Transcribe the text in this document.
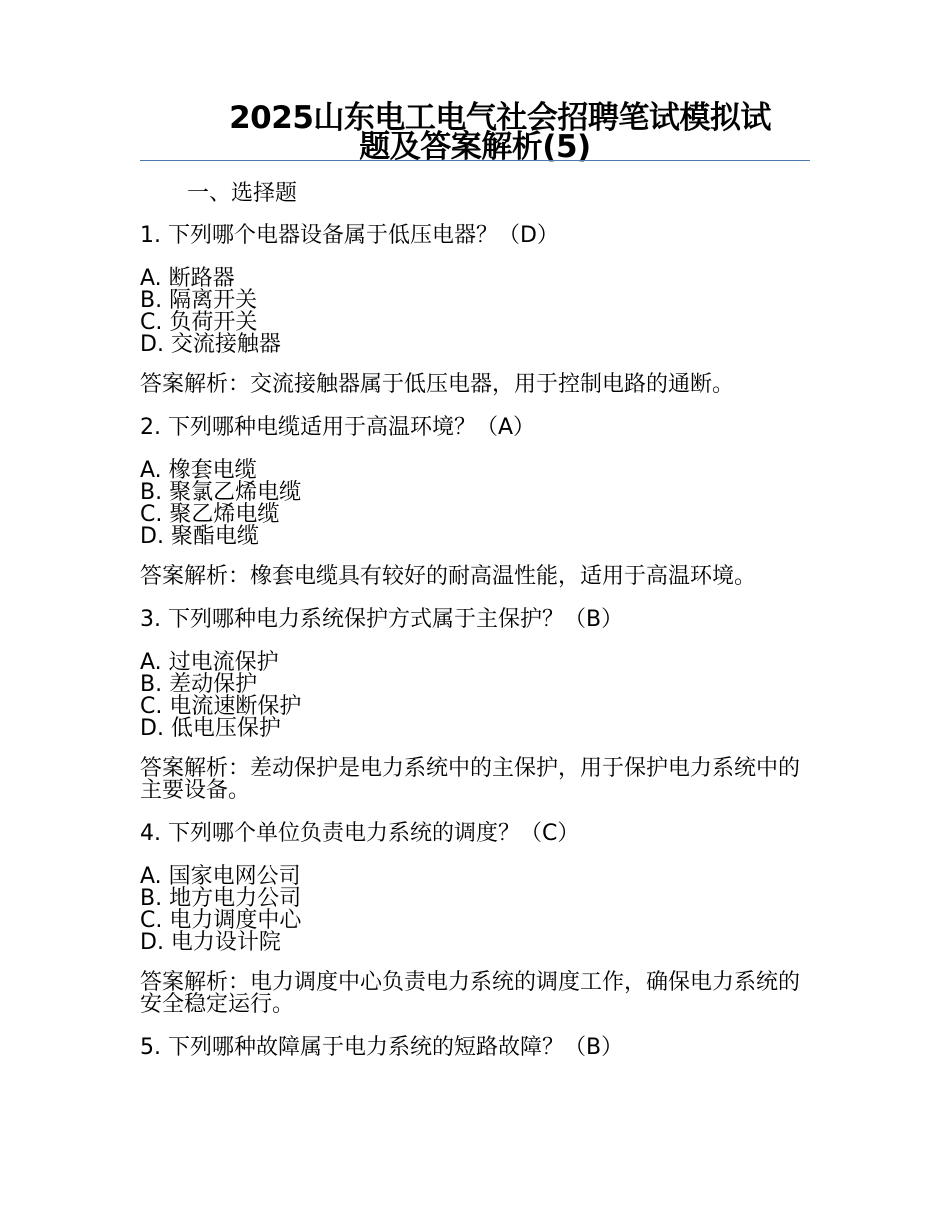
2025山东电工电气社会招聘笔试模拟试
题及答案解析(5)
一、选择题
1. 下列哪个电器设备属于低压电器？（D）
A. 断路器
B. 隔离开关
C. 负荷开关
D. 交流接触器
答案解析：交流接触器属于低压电器，用于控制电路的通断。
2. 下列哪种电缆适用于高温环境？（A）
A. 橡套电缆
B. 聚氯乙烯电缆
C. 聚乙烯电缆
D. 聚酯电缆
答案解析：橡套电缆具有较好的耐高温性能，适用于高温环境。
3. 下列哪种电力系统保护方式属于主保护？（B）
A. 过电流保护
B. 差动保护
C. 电流速断保护
D. 低电压保护
答案解析：差动保护是电力系统中的主保护，用于保护电力系统中的主要设备。
4. 下列哪个单位负责电力系统的调度？（C）
A. 国家电网公司
B. 地方电力公司
C. 电力调度中心
D. 电力设计院
答案解析：电力调度中心负责电力系统的调度工作，确保电力系统的安全稳定运行。
5. 下列哪种故障属于电力系统的短路故障？（B）
